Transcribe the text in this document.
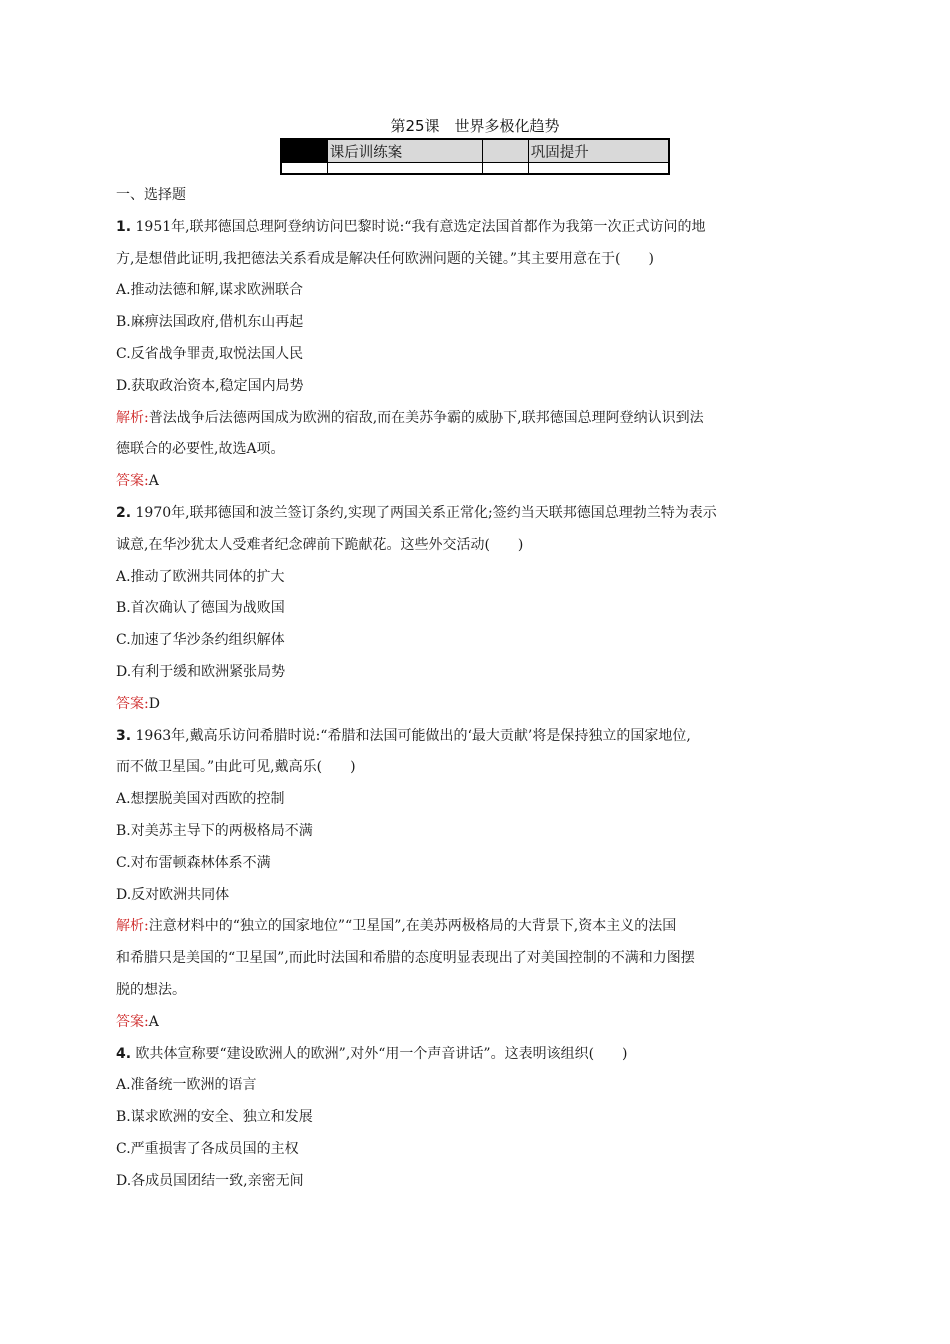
第25课　世界多极化趋势
	课后训练案		巩固提升

一、选择题

1. 1951年,联邦德国总理阿登纳访问巴黎时说:“我有意选定法国首都作为我第一次正式访问的地

方,是想借此证明,我把德法关系看成是解决任何欧洲问题的关键。”其主要用意在于(　　)

A.推动法德和解,谋求欧洲联合

B.麻痹法国政府,借机东山再起

C.反省战争罪责,取悦法国人民

D.获取政治资本,稳定国内局势

解析:普法战争后法德两国成为欧洲的宿敌,而在美苏争霸的威胁下,联邦德国总理阿登纳认识到法

德联合的必要性,故选A项。

答案:A

2. 1970年,联邦德国和波兰签订条约,实现了两国关系正常化;签约当天联邦德国总理勃兰特为表示

诚意,在华沙犹太人受难者纪念碑前下跪献花。这些外交活动(　　)

A.推动了欧洲共同体的扩大

B.首次确认了德国为战败国

C.加速了华沙条约组织解体

D.有利于缓和欧洲紧张局势

答案:D

3. 1963年,戴高乐访问希腊时说:“希腊和法国可能做出的‘最大贡献’将是保持独立的国家地位,

而不做卫星国。”由此可见,戴高乐(　　)

A.想摆脱美国对西欧的控制

B.对美苏主导下的两极格局不满

C.对布雷顿森林体系不满

D.反对欧洲共同体

解析:注意材料中的“独立的国家地位”“卫星国”,在美苏两极格局的大背景下,资本主义的法国

和希腊只是美国的“卫星国”,而此时法国和希腊的态度明显表现出了对美国控制的不满和力图摆

脱的想法。

答案:A

4. 欧共体宣称要“建设欧洲人的欧洲”,对外“用一个声音讲话”。这表明该组织(　　)

A.准备统一欧洲的语言

B.谋求欧洲的安全、独立和发展

C.严重损害了各成员国的主权

D.各成员国团结一致,亲密无间
